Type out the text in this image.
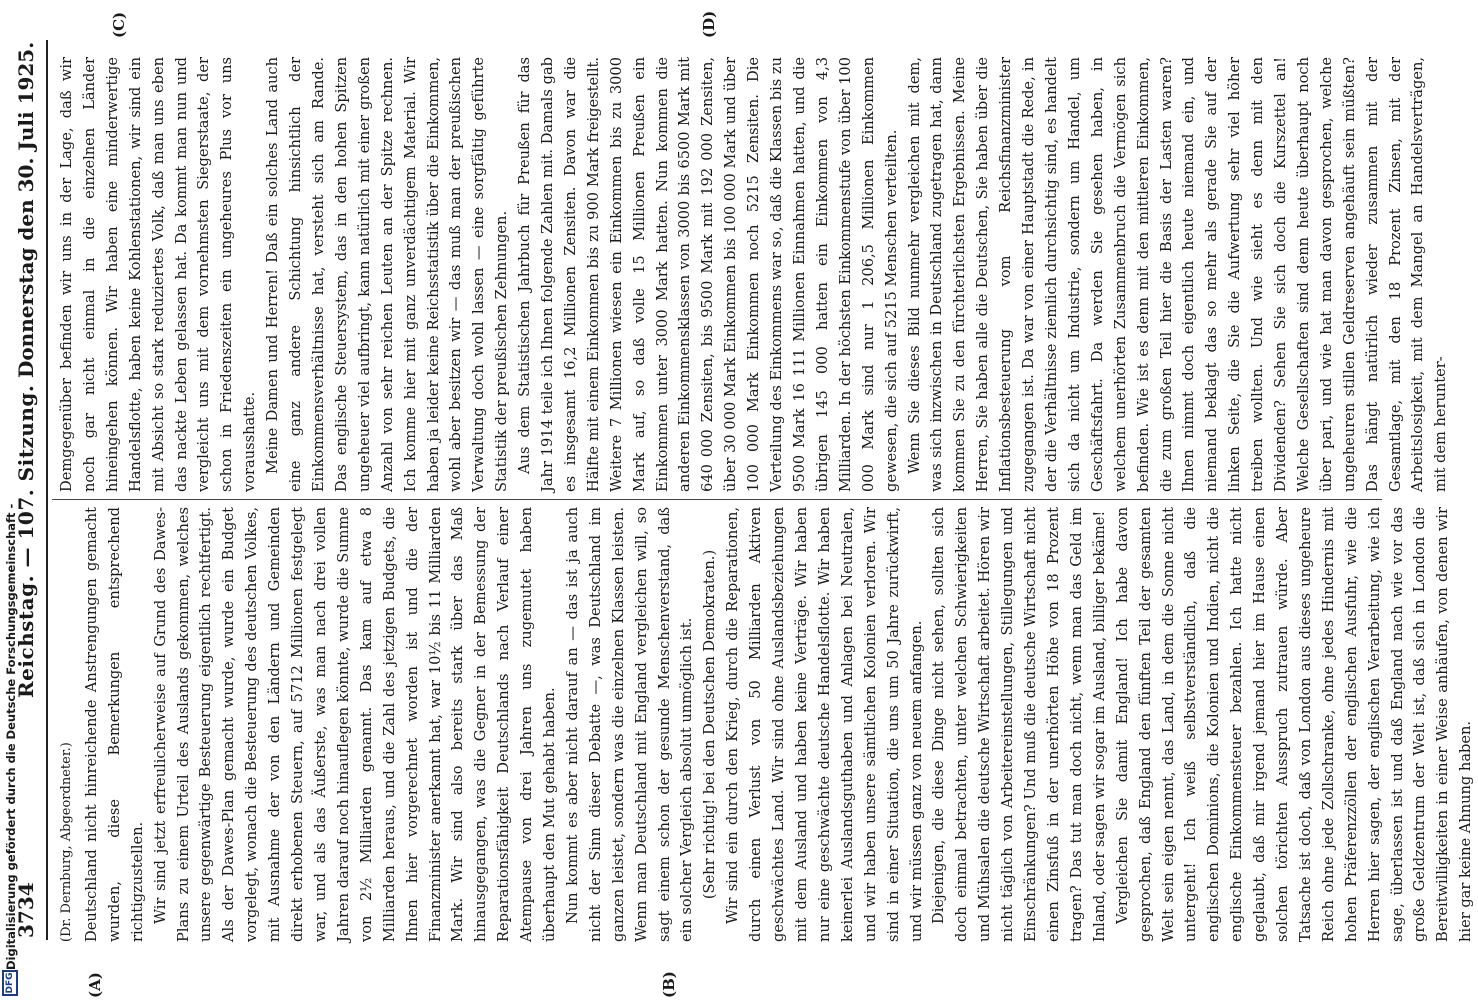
3734
Reichstag. — 107. Sitzung.
Donnerstag den 30. Juli 1925.
(Dr. Dernburg, Abgeordneter.) Deutschland nicht hinreichende Anstrengungen gemacht wurden, diese Bemerkungen entsprechend richtigzustellen. Wir sind jetzt erfreulicherweise auf Grund des Dawes-Plans zu einem Urteil des Auslands gekommen, welches unsere gegenwärtige Besteuerung eigentlich rechtfertigt. Als der Dawes-Plan gemacht wurde, wurde ein Budget vorgelegt, wonach die Besteuerung des deutschen Volkes, mit Ausnahme der von den Ländern und Gemeinden direkt erhobenen Steuern, auf 5712 Millionen festgelegt war, und als das Äußerste, was man nach drei vollen Jahren darauf noch hinauflegen könnte, wurde die Summe von 2½ Milliarden genannt. Das kam auf etwa 8 Milliarden heraus, und die Zahl des jetzigen Budgets, die Ihnen hier vorgerechnet worden ist und die der Finanzminister anerkannt hat, war 10½ bis 11 Milliarden Mark. Wir sind also bereits stark über das Maß hinausgegangen, was die Gegner in der Bemessung der Reparationsfähigkeit Deutschlands nach Verlauf einer Atempause von drei Jahren uns zugemutet haben überhaupt den Mut gehabt haben. Nun kommt es aber nicht darauf an — das ist ja auch nicht der Sinn dieser Debatte —, was Deutschland im ganzen leistet, sondern was die einzelnen Klassen leisten. Wenn man Deutschland mit England vergleichen will, so sagt einem schon der gesunde Menschenverstand, daß ein solcher Vergleich absolut unmöglich ist. (Sehr richtig! bei den Deutschen Demokraten.) Wir sind ein durch den Krieg, durch die Reparationen, durch einen Verlust von 50 Milliarden Aktiven geschwächtes Land. Wir sind ohne Auslandsbeziehungen mit dem Ausland und haben keine Verträge. Wir haben nur eine geschwächte deutsche Handelsflotte. Wir haben keinerlei Auslandsguthaben und Anlagen bei Neutralen, und wir haben unsere sämtlichen Kolonien verloren. Wir sind in einer Situation, die uns um 50 Jahre zurückwirft, und wir müssen ganz von neuem anfangen. Diejenigen, die diese Dinge nicht sehen, sollten sich doch einmal betrachten, unter welchen Schwierigkeiten und Mühsalen die deutsche Wirtschaft arbeitet. Hören wir nicht täglich von Arbeitereinstellungen, Stillegungen und Einschränkungen? Und muß die deutsche Wirtschaft nicht einen Zinsfuß in der unerhörten Höhe von 18 Prozent tragen? Das tut man doch nicht, wenn man das Geld im Inland, oder sagen wir sogar im Ausland, billiger bekäme! Vergleichen Sie damit England! Ich habe davon gesprochen, daß England den fünften Teil der gesamten Welt sein eigen nennt, das Land, in dem die Sonne nicht untergeht! Ich weiß selbstverständlich, daß die englischen Dominions, die Kolonien und Indien, nicht die englische Einkommensteuer bezahlen. Ich hatte nicht geglaubt, daß mir irgend jemand hier im Hause einen solchen törichten Ausspruch zutrauen würde. Aber Tatsache ist doch, daß von London aus dieses ungeheure Reich ohne jede Zollschranke, ohne jedes Hindernis mit hohen Präferenzzöllen der englischen Ausfuhr, wie die Herren hier sagen, der englischen Verarbeitung, wie ich sage, überlassen ist und daß England nach wie vor das große Geldzentrum der Welt ist, daß sich in London die Bereitwilligkeiten in einer Weise anhäufen, von denen wir hier gar keine Ahnung haben.

Demgegenüber befinden wir uns in der Lage, daß wir noch gar nicht einmal in die einzelnen Länder hineingehen können. Wir haben eine minderwertige Handelsflotte, haben keine Kohlenstationen, wir sind ein mit Absicht so stark reduziertes Volk, daß man uns eben das nackte Leben gelassen hat. Da kommt man nun und vergleicht uns mit dem vornehmsten Siegerstaate, der schon in Friedenszeiten ein ungeheures Plus vor uns vorausshatte. Meine Damen und Herren! Daß ein solches Land auch eine ganz andere Schichtung hinsichtlich der Einkommensverhältnisse hat, versteht sich am Rande. Das englische Steuersystem, das in den hohen Spitzen ungeheuer viel aufbringt, kann natürlich mit einer großen Anzahl von sehr reichen Leuten an der Spitze rechnen. Ich komme hier mit ganz unverdächtigem Material. Wir haben ja leider keine Reichsstatistik über die Einkommen, wohl aber besitzen wir — das muß man der preußischen Verwaltung doch wohl lassen — eine sorgfältig geführte Statistik der preußischen Zehnungen. Aus dem Statistischen Jahrbuch für Preußen für das Jahr 1914 teile ich Ihnen folgende Zahlen mit. Damals gab es insgesamt 16,2 Millionen Zensiten. Davon war die Hälfte mit einem Einkommen bis zu 900 Mark freigestellt. Weitere 7 Millionen wiesen ein Einkommen bis zu 3000 Mark auf, so daß volle 15 Millionen Preußen ein Einkommen unter 3000 Mark hatten. Nun kommen die anderen Einkommensklassen von 3000 bis 6500 Mark mit 640 000 Zensiten, bis 9500 Mark mit 192 000 Zensiten, über 30 000 Mark Einkommen bis 100 000 Mark und über 100 000 Mark Einkommen noch 5215 Zensiten. Die Verteilung des Einkommens war so, daß die Klassen bis zu 9500 Mark 16 111 Millionen Einnahmen hatten, und die übrigen 145 000 hatten ein Einkommen von 4,3 Milliarden. In der höchsten Einkommenstufe von über 100 000 Mark sind nur 1 206,5 Millionen Einkommen gewesen, die sich auf 5215 Menschen verteilten. Wenn Sie dieses Bild nunmehr vergleichen mit dem, was sich inzwischen in Deutschland zugetragen hat, dann kommen Sie zu den fürchterlichsten Ergebnissen. Meine Herren, Sie haben alle die Deutschen, Sie haben über die Inflationsbesteuerung vom Reichsfinanzminister zugegangen ist. Da war von einer Hauptstadt die Rede, in der die Verhältnisse ziemlich durchsichtig sind, es handelt sich da nicht um Industrie, sondern um Handel, um Geschäftsfahrt. Da werden Sie gesehen haben, in welchem unerhörten Zusammenbruch die Vermögen sich befinden. Wie ist es denn mit den mittleren Einkommen, die zum großen Teil hier die Basis der Lasten waren? Ihnen nimmt doch eigentlich heute niemand ein, und niemand beklagt das so mehr als gerade Sie auf der linken Seite, die Sie die Aufwertung sehr viel höher treiben wollten. Und wie sieht es denn mit den Dividenden? Sehen Sie sich doch die Kurszettel an! Welche Gesellschaften sind denn heute überhaupt noch über pari, und wie hat man davon gesprochen, welche ungeheuren stillen Geldreserven angehäuft sein müßten? Das hängt natürlich wieder zusammen mit der Gesamtlage, mit den 18 Prozent Zinsen, mit der Arbeitslosigkeit, mit dem Mangel an Handelsverträgen, mit dem herunter-

(A)	(B)
(C)	(D)
Digitalisierung gefördert durch die Deutsche Forschungsgemeinschaft -
DFG
